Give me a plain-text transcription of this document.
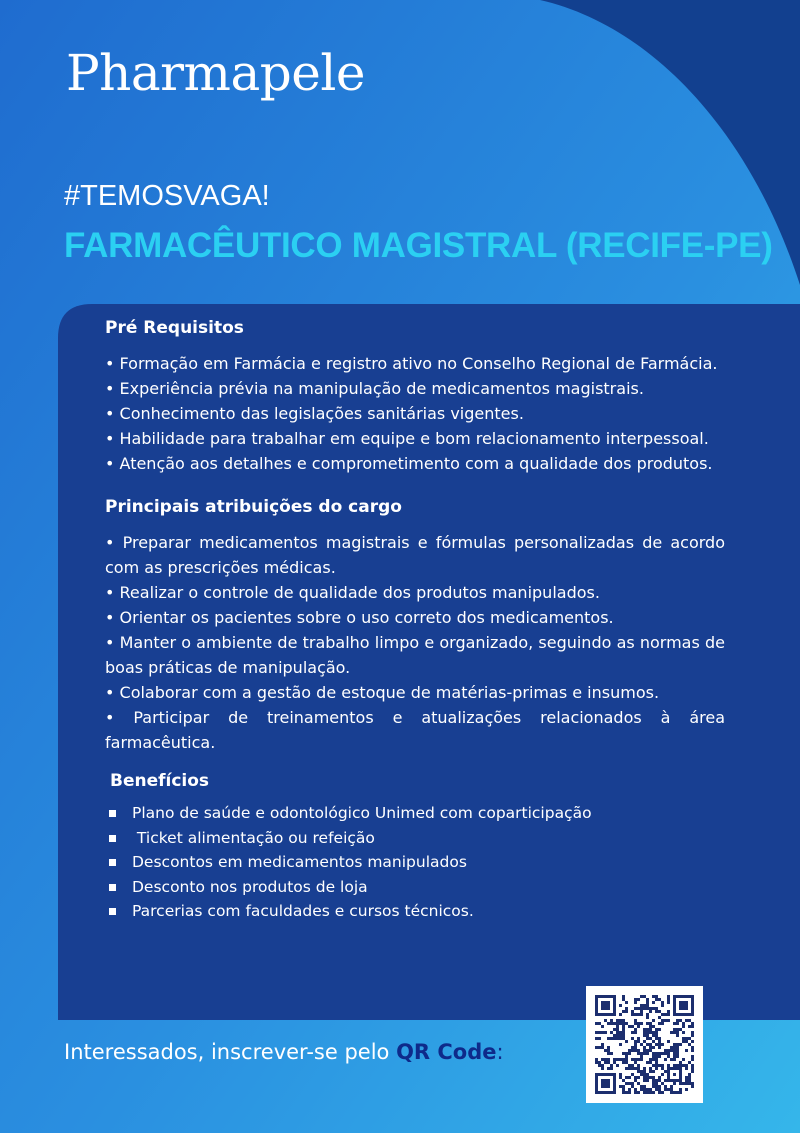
Pharmapele
#TEMOSVAGA!
FARMACÊUTICO MAGISTRAL (RECIFE-PE)
Pré Requisitos
• Formação em Farmácia e registro ativo no Conselho Regional de Farmácia.
• Experiência prévia na manipulação de medicamentos magistrais.
• Conhecimento das legislações sanitárias vigentes.
• Habilidade para trabalhar em equipe e bom relacionamento interpessoal.
• Atenção aos detalhes e comprometimento com a qualidade dos produtos.
Principais atribuições do cargo
• Preparar medicamentos magistrais e fórmulas personalizadas de acordo com as prescrições médicas.
• Realizar o controle de qualidade dos produtos manipulados.
• Orientar os pacientes sobre o uso correto dos medicamentos.
• Manter o ambiente de trabalho limpo e organizado, seguindo as normas de boas práticas de manipulação.
• Colaborar com a gestão de estoque de matérias-primas e insumos.
• Participar de treinamentos e atualizações relacionados à área farmacêutica.
Benefícios
Plano de saúde e odontológico Unimed com coparticipação
Ticket alimentação ou refeição
Descontos em medicamentos manipulados
Desconto nos produtos de loja
Parcerias com faculdades e cursos técnicos.
Interessados, inscrever-se pelo QR Code:
